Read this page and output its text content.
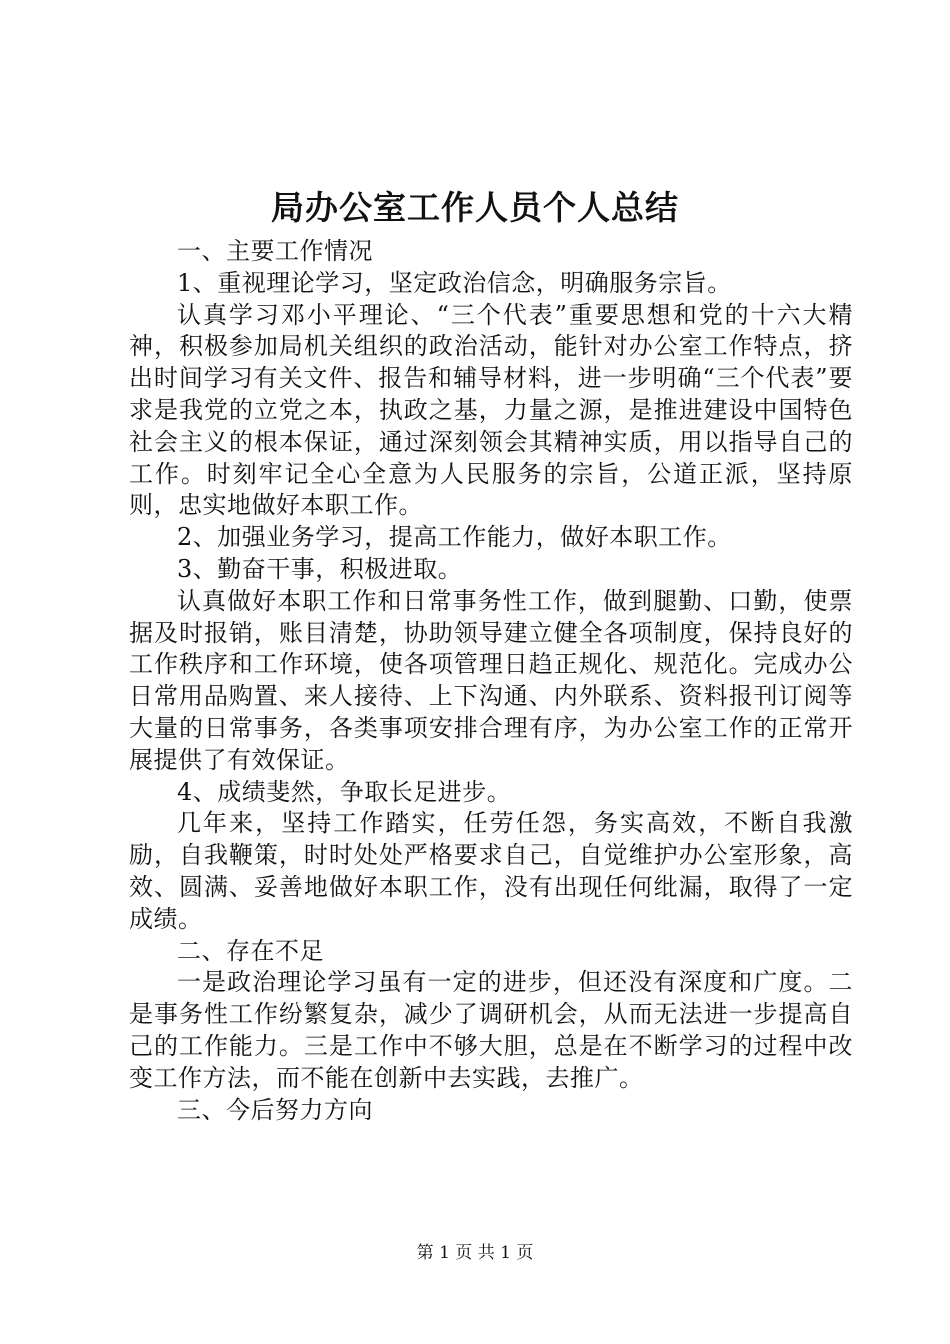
局办公室工作人员个人总结

一、主要工作情况

1、重视理论学习，坚定政治信念，明确服务宗旨。

认真学习邓小平理论、“三个代表”重要思想和党的十六大精神，积极参加局机关组织的政治活动，能针对办公室工作特点，挤出时间学习有关文件、报告和辅导材料，进一步明确“三个代表”要求是我党的立党之本，执政之基，力量之源，是推进建设中国特色社会主义的根本保证，通过深刻领会其精神实质，用以指导自己的工作。时刻牢记全心全意为人民服务的宗旨，公道正派，坚持原则，忠实地做好本职工作。

2、加强业务学习，提高工作能力，做好本职工作。

3、勤奋干事，积极进取。

认真做好本职工作和日常事务性工作，做到腿勤、口勤，使票据及时报销，账目清楚，协助领导建立健全各项制度，保持良好的工作秩序和工作环境，使各项管理日趋正规化、规范化。完成办公日常用品购置、来人接待、上下沟通、内外联系、资料报刊订阅等大量的日常事务，各类事项安排合理有序，为办公室工作的正常开展提供了有效保证。

4、成绩斐然，争取长足进步。

几年来，坚持工作踏实，任劳任怨，务实高效，不断自我激励，自我鞭策，时时处处严格要求自己，自觉维护办公室形象，高效、圆满、妥善地做好本职工作，没有出现任何纰漏，取得了一定成绩。

二、存在不足

一是政治理论学习虽有一定的进步，但还没有深度和广度。二是事务性工作纷繁复杂，减少了调研机会，从而无法进一步提高自己的工作能力。三是工作中不够大胆，总是在不断学习的过程中改变工作方法，而不能在创新中去实践，去推广。

三、今后努力方向

第 1 页 共 1 页
